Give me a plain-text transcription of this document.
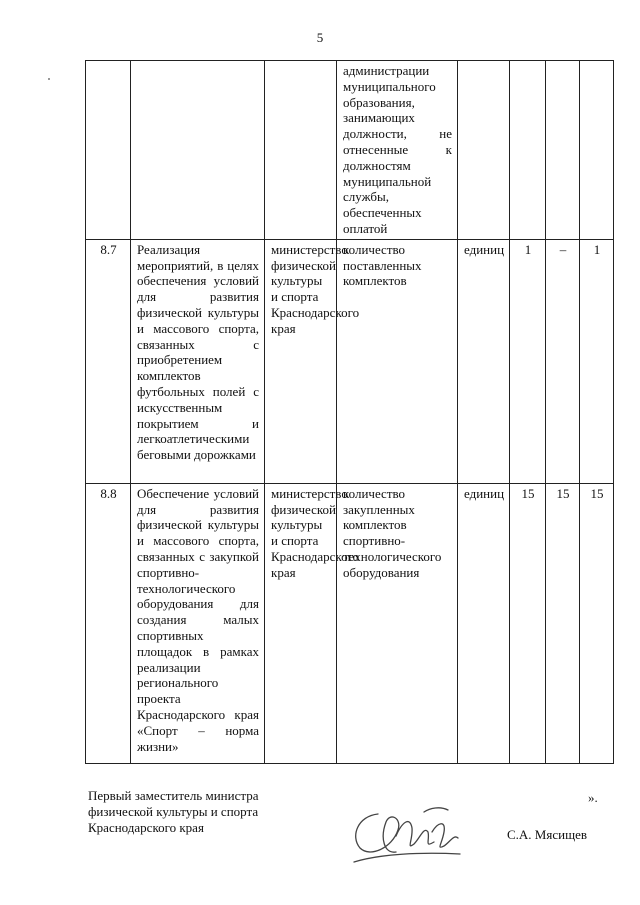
5

			администрации муниципального образования, занимающих должности, не отнесенные к должностям муниципальной службы, обеспеченных оплатой				

8.7	Реализация мероприятий, в целях обеспечения условий для развития физической культуры и массового спорта, связанных с приобретением комплектов футбольных полей с искусственным покрытием и легкоатлетическими беговыми дорожками	министерство физической культуры и спорта Краснодарского края	количество поставленных комплектов	единиц	1	–	1
8.8	Обеспечение условий для развития физической культуры и массового спорта, связанных с закупкой спортивно-технологического оборудования для создания малых спортивных площадок в рамках реализации регионального проекта Краснодарского края «Спорт – норма жизни»	министерство физической культуры и спорта Краснодарского края	количество закупленных комплектов спортивно-технологического оборудования	единиц	15	15	15
».
Первый заместитель министра
физической культуры и спорта
Краснодарского края	С.А. Мясищев
